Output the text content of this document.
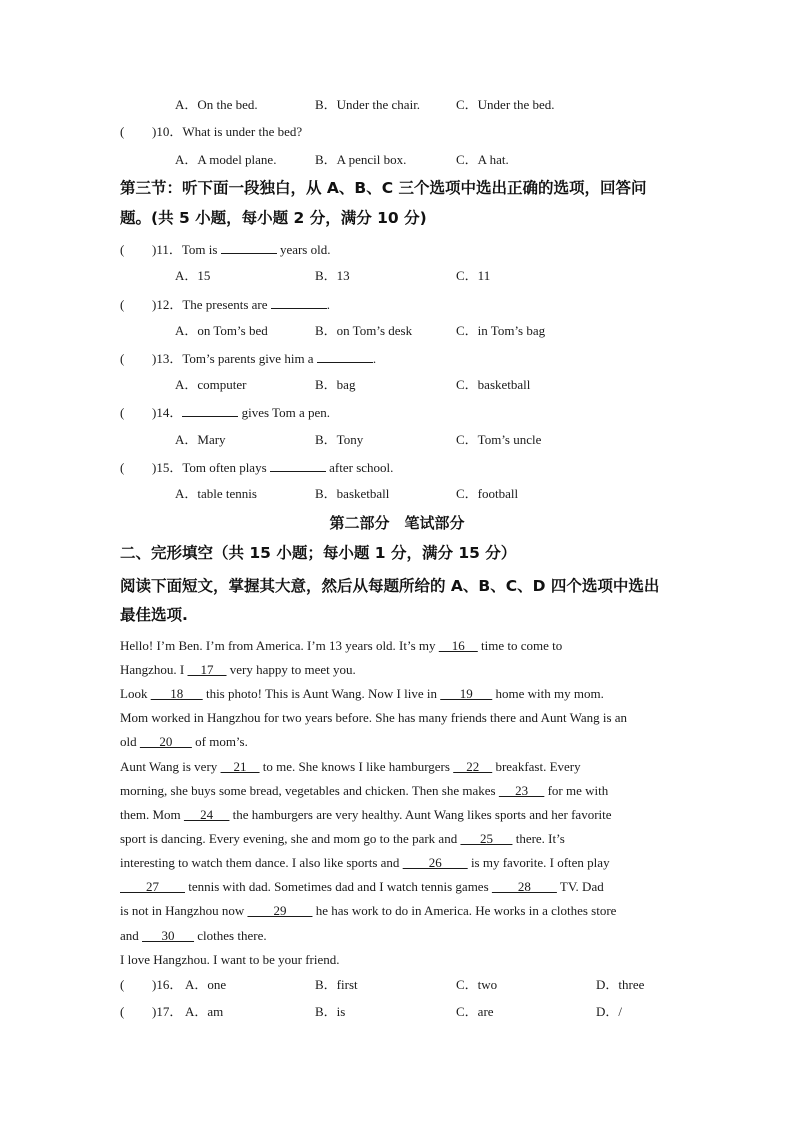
A．On the bed.	B．Under the chair.	C．Under the bed.
( )10．What is under the bed?
A．A model plane.	B．A pencil box.	C．A hat.
第三节：听下面一段独白，从 A、B、C 三个选项中选出正确的选项，回答问
题。(共 5 小题，每小题 2 分，满分 10 分)
( )11．Tom is	years old.
A．15	B．13	C．11
( )12．The presents are	.
A．on Tom’s bed	B．on Tom’s desk	C．in Tom’s bag
( )13．Tom’s parents give him a	.
A．computer	B．bag	C．basketball
( )14．	gives Tom a pen.
A．Mary	B．Tony	C．Tom’s uncle
( )15．Tom often plays	after school.
A．table tennis	B．basketball	C．football
第二部分　笔试部分
二、完形填空（共 15 小题；每小题 1 分，满分 15 分）
阅读下面短文，掌握其大意，然后从每题所给的 A、B、C、D 四个选项中选出
最佳选项.
Hello! I’m Ben. I’m from America. I’m 13 years old. It’s my     16     time to come to
Hangzhou. I     17     very happy to meet you.
Look       18       this photo! This is Aunt Wang. Now I live in       19       home with my mom.
Mom worked in Hangzhou for two years before. She has many friends there and Aunt Wang is an
old       20       of mom’s.
Aunt Wang is very     21     to me. She knows I like hamburgers     22     breakfast. Every
morning, she buys some bread, vegetables and chicken. Then she makes      23      for me with
them. Mom      24      the hamburgers are very healthy. Aunt Wang likes sports and her favorite
sport is dancing. Every evening, she and mom go to the park and       25       there. It’s
interesting to watch them dance. I also like sports and         26         is my favorite. I often play
27         tennis with dad. Sometimes dad and I watch tennis games         28         TV. Dad
is not in Hangzhou now         29         he has work to do in America. He works in a clothes store
and       30       clothes there.
I love Hangzhou. I want to be your friend.
( )16． A．one	B．first	C．two	D．three
( )17． A．am	B．is	C．are	D．/
